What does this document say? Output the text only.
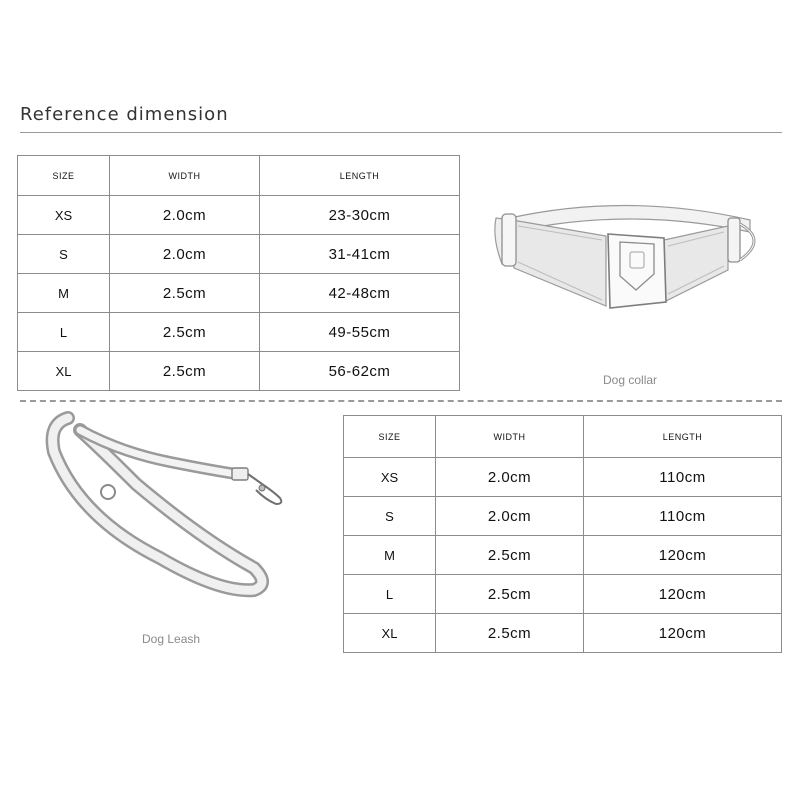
Reference dimension
SIZE	WIDTH	LENGTH
XS	2.0cm	23-30cm
S	2.0cm	31-41cm
M	2.5cm	42-48cm
L	2.5cm	49-55cm
XL	2.5cm	56-62cm
Dog collar
Dog Leash
SIZE	WIDTH	LENGTH
XS	2.0cm	110cm
S	2.0cm	110cm
M	2.5cm	120cm
L	2.5cm	120cm
XL	2.5cm	120cm
